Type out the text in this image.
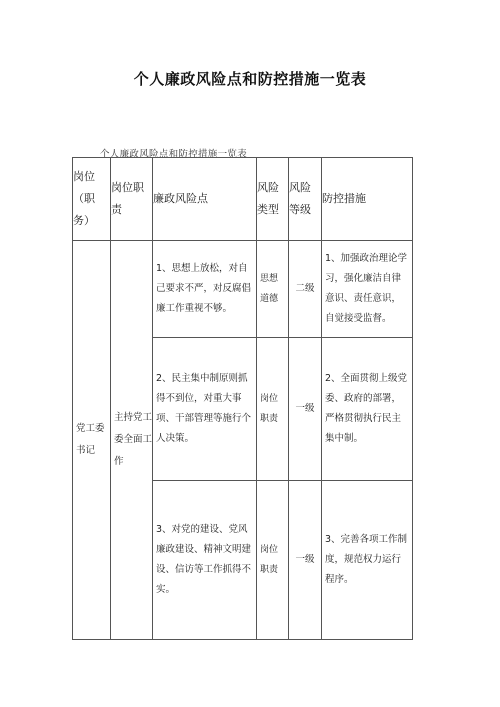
个人廉政风险点和防控措施一览表
个人廉政风险点和防控措施一览表
岗位（职务）	岗位职责	廉政风险点	风险类型	风险等级	防控措施

党工委书记	主持党工委全面工作	1、思想上放松，对自己要求不严，对反腐倡廉工作重视不够。	思想道德	二级	1、加强政治理论学习，强化廉洁自律意识、责任意识，自觉接受监督。

		2、民主集中制原则抓得不到位，对重大事项、干部管理等施行个人决策。	岗位职责	一级	2、全面贯彻上级党委、政府的部署，严格贯彻执行民主集中制。

		3、对党的建设、党风廉政建设、精神文明建设、信访等工作抓得不实。	岗位职责	一级	3、完善各项工作制度，规范权力运行程序。
